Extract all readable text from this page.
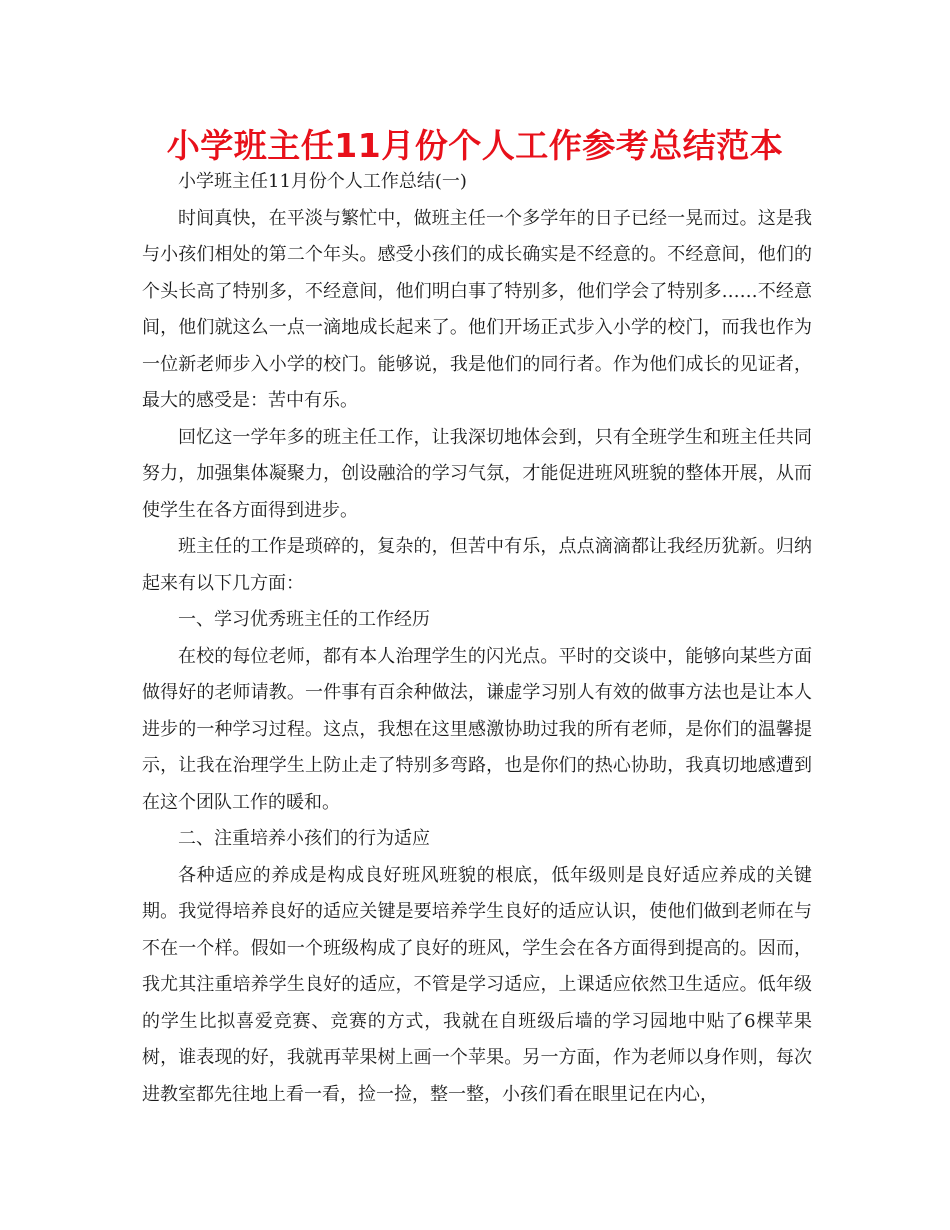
小学班主任11月份个人工作参考总结范本

小学班主任11月份个人工作总结(一)

时间真快，在平淡与繁忙中，做班主任一个多学年的日子已经一晃而过。这是我与小孩们相处的第二个年头。感受小孩们的成长确实是不经意的。不经意间，他们的个头长高了特别多，不经意间，他们明白事了特别多，他们学会了特别多……不经意间，他们就这么一点一滴地成长起来了。他们开场正式步入小学的校门，而我也作为一位新老师步入小学的校门。能够说，我是他们的同行者。作为他们成长的见证者，最大的感受是：苦中有乐。

回忆这一学年多的班主任工作，让我深切地体会到，只有全班学生和班主任共同努力，加强集体凝聚力，创设融洽的学习气氛，才能促进班风班貌的整体开展，从而使学生在各方面得到进步。

班主任的工作是琐碎的，复杂的，但苦中有乐，点点滴滴都让我经历犹新。归纳起来有以下几方面：

一、学习优秀班主任的工作经历

在校的每位老师，都有本人治理学生的闪光点。平时的交谈中，能够向某些方面做得好的老师请教。一件事有百余种做法，谦虚学习别人有效的做事方法也是让本人进步的一种学习过程。这点，我想在这里感激协助过我的所有老师，是你们的温馨提示，让我在治理学生上防止走了特别多弯路，也是你们的热心协助，我真切地感遭到在这个团队工作的暖和。

二、注重培养小孩们的行为适应

各种适应的养成是构成良好班风班貌的根底，低年级则是良好适应养成的关键期。我觉得培养良好的适应关键是要培养学生良好的适应认识，使他们做到老师在与不在一个样。假如一个班级构成了良好的班风，学生会在各方面得到提高的。因而，我尤其注重培养学生良好的适应，不管是学习适应，上课适应依然卫生适应。低年级的学生比拟喜爱竞赛、竞赛的方式，我就在自班级后墙的学习园地中贴了6棵苹果树，谁表现的好，我就再苹果树上画一个苹果。另一方面，作为老师以身作则，每次进教室都先往地上看一看，捡一捡，整一整，小孩们看在眼里记在内心，
